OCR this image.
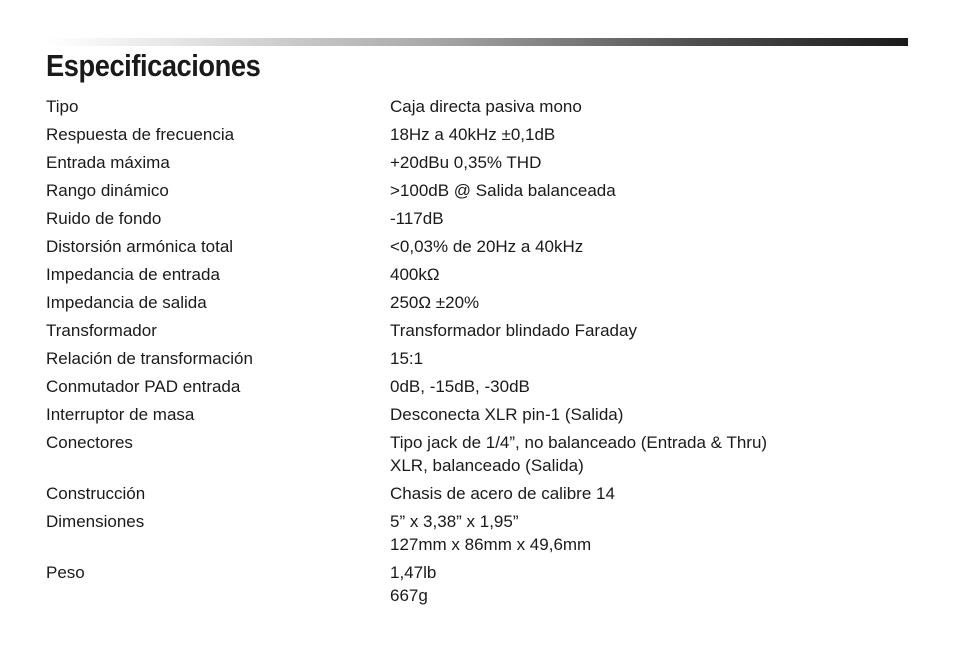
Especificaciones
Tipo	Caja directa pasiva mono
Respuesta de frecuencia	18Hz a 40kHz ±0,1dB
Entrada máxima	+20dBu 0,35% THD
Rango dinámico	>100dB @ Salida balanceada
Ruido de fondo	-117dB
Distorsión armónica total	<0,03% de 20Hz a 40kHz
Impedancia de entrada	400kΩ
Impedancia de salida	250Ω ±20%
Transformador	Transformador blindado Faraday
Relación de transformación	15:1
Conmutador PAD entrada	0dB, -15dB, -30dB
Interruptor de masa	Desconecta XLR pin-1 (Salida)
Conectores	Tipo jack de 1/4”, no balanceado (Entrada & Thru)
XLR, balanceado (Salida)
Construcción	Chasis de acero de calibre 14
Dimensiones	5” x 3,38” x 1,95”
127mm x 86mm x 49,6mm
Peso	1,47lb
667g
